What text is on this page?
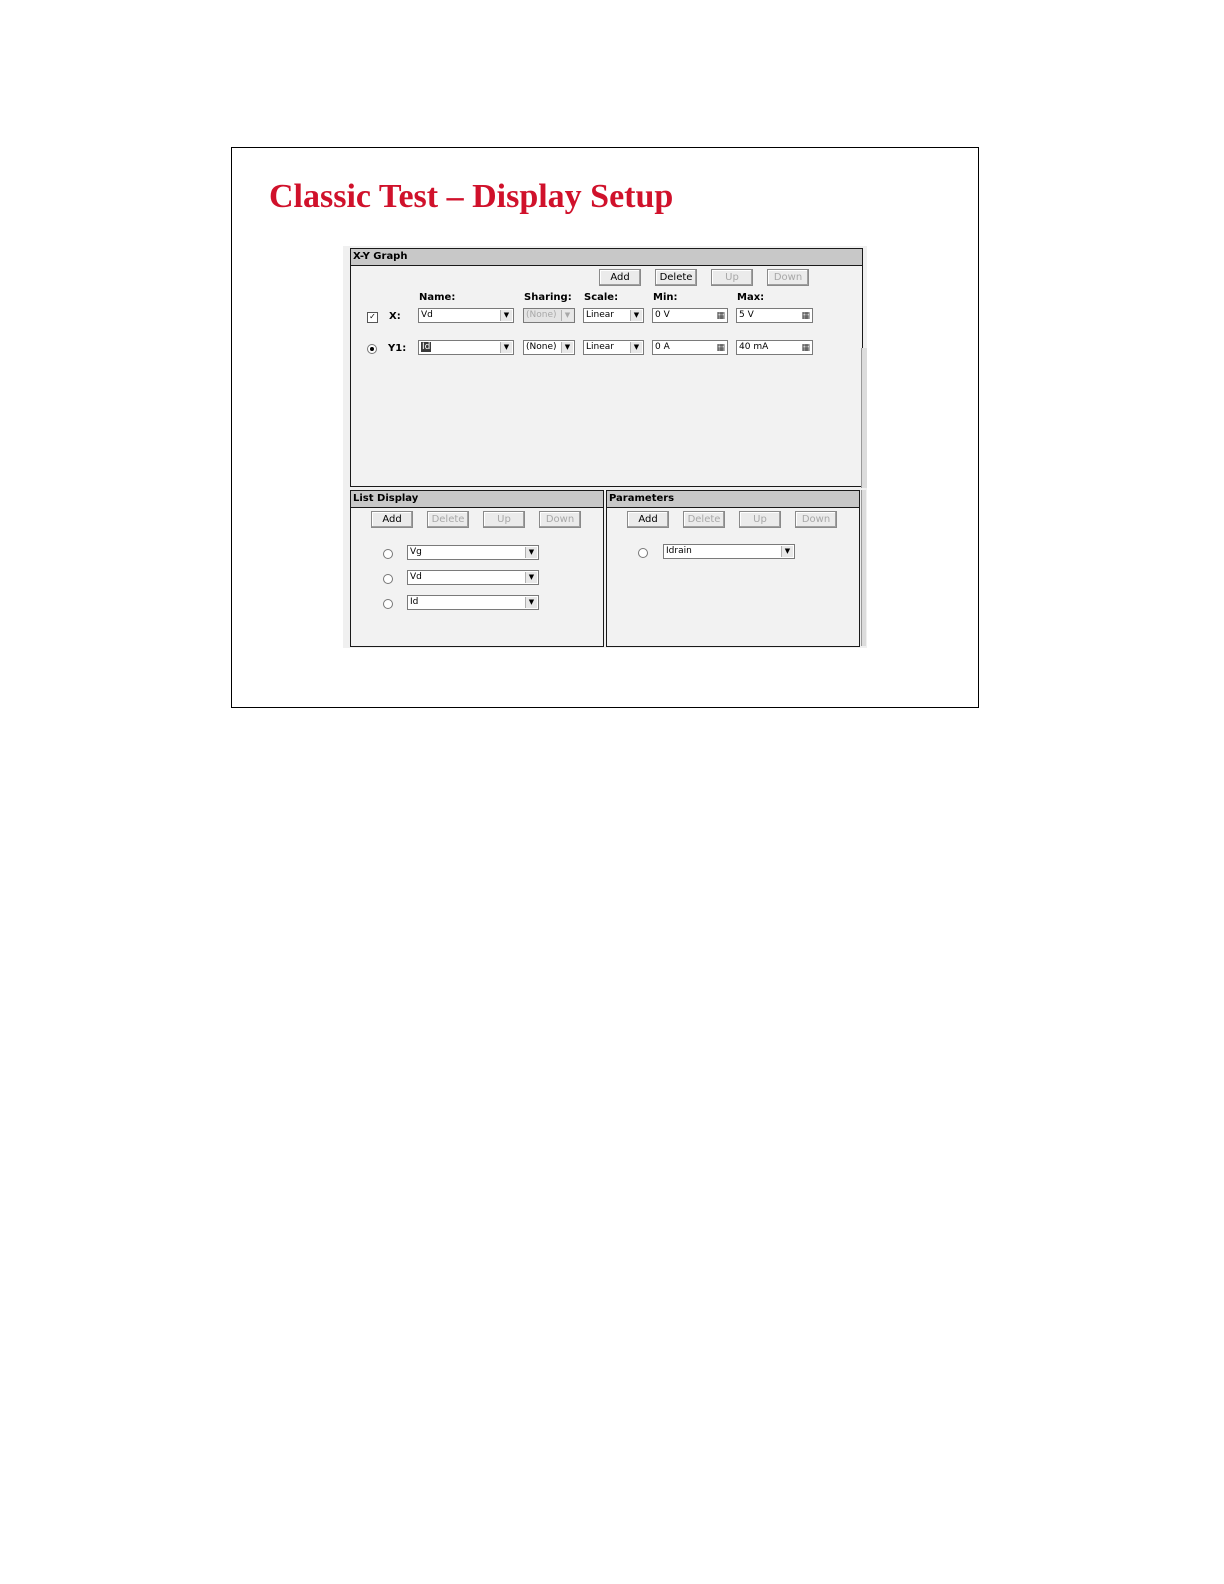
Classic Test – Display Setup
X-Y Graph
Add	Delete	Up	Down
Name:	Sharing: Scale:	Min:	Max:
✓ X:	Vd	▼	(None)	▼	Linear	▼	0 V	▦	5 V	▦
Y1:	Id	▼	(None)	▼	Linear	▼	0 A	▦	40 mA	▦
List Display
Add	Delete	Up	Down
Vg	▼
Vd	▼
Id	▼
Parameters
Add	Delete	Up	Down
Idrain	▼
